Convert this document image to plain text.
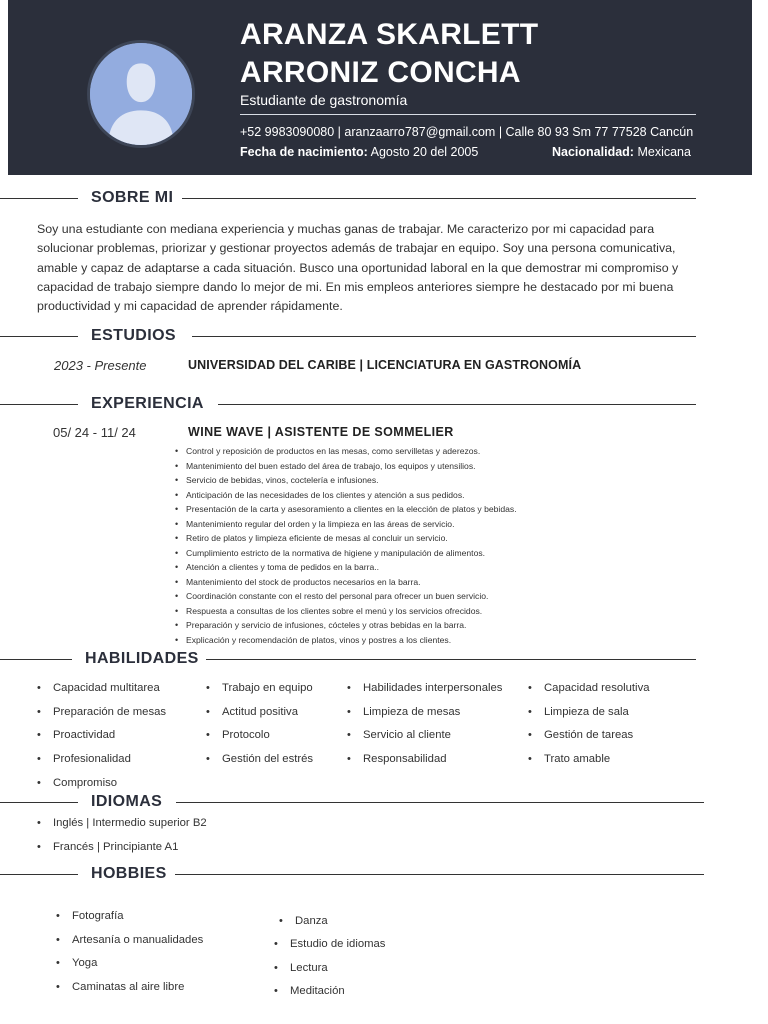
ARANZA SKARLETT
ARRONIZ CONCHA
Estudiante de gastronomía
+52 9983090080 | aranzaarro787@gmail.com | Calle 80 93 Sm 77 77528 Cancún
Fecha de nacimiento: Agosto 20 del 2005	Nacionalidad: Mexicana
SOBRE MI
Soy una estudiante con mediana experiencia y muchas ganas de trabajar. Me caracterizo por mi capacidad para solucionar problemas, priorizar y gestionar proyectos además de trabajar en equipo. Soy una persona comunicativa, amable y capaz de adaptarse a cada situación. Busco una oportunidad laboral en la que demostrar mi compromiso y capacidad de trabajo siempre dando lo mejor de mi. En mis empleos anteriores siempre he destacado por mi buena productividad y mi capacidad de aprender rápidamente.
ESTUDIOS
2023 - Presente	UNIVERSIDAD DEL CARIBE | LICENCIATURA EN GASTRONOMÍA
EXPERIENCIA
05/ 24 - 11/ 24	WINE WAVE | ASISTENTE DE SOMMELIER
• Control y reposición de productos en las mesas, como servilletas y aderezos.
• Mantenimiento del buen estado del área de trabajo, los equipos y utensilios.
• Servicio de bebidas, vinos, coctelería e infusiones.
• Anticipación de las necesidades de los clientes y atención a sus pedidos.
• Presentación de la carta y asesoramiento a clientes en la elección de platos y bebidas.
• Mantenimiento regular del orden y la limpieza en las áreas de servicio.
• Retiro de platos y limpieza eficiente de mesas al concluir un servicio.
• Cumplimiento estricto de la normativa de higiene y manipulación de alimentos.
• Atención a clientes y toma de pedidos en la barra..
• Mantenimiento del stock de productos necesarios en la barra.
• Coordinación constante con el resto del personal para ofrecer un buen servicio.
• Respuesta a consultas de los clientes sobre el menú y los servicios ofrecidos.
• Preparación y servicio de infusiones, cócteles y otras bebidas en la barra.
• Explicación y recomendación de platos, vinos y postres a los clientes.
HABILIDADES
• Capacidad multitarea
• Preparación de mesas
• Proactividad
• Profesionalidad
• Compromiso
• Trabajo en equipo
• Actitud positiva
• Protocolo
• Gestión del estrés
• Habilidades interpersonales
• Limpieza de mesas
• Servicio al cliente
• Responsabilidad
• Capacidad resolutiva
• Limpieza de sala
• Gestión de tareas
• Trato amable
IDIOMAS
• Inglés | Intermedio superior B2
• Francés | Principiante A1
HOBBIES
• Fotografía
• Artesanía o manualidades
• Yoga
• Caminatas al aire libre
• Danza
• Estudio de idiomas
• Lectura
• Meditación
